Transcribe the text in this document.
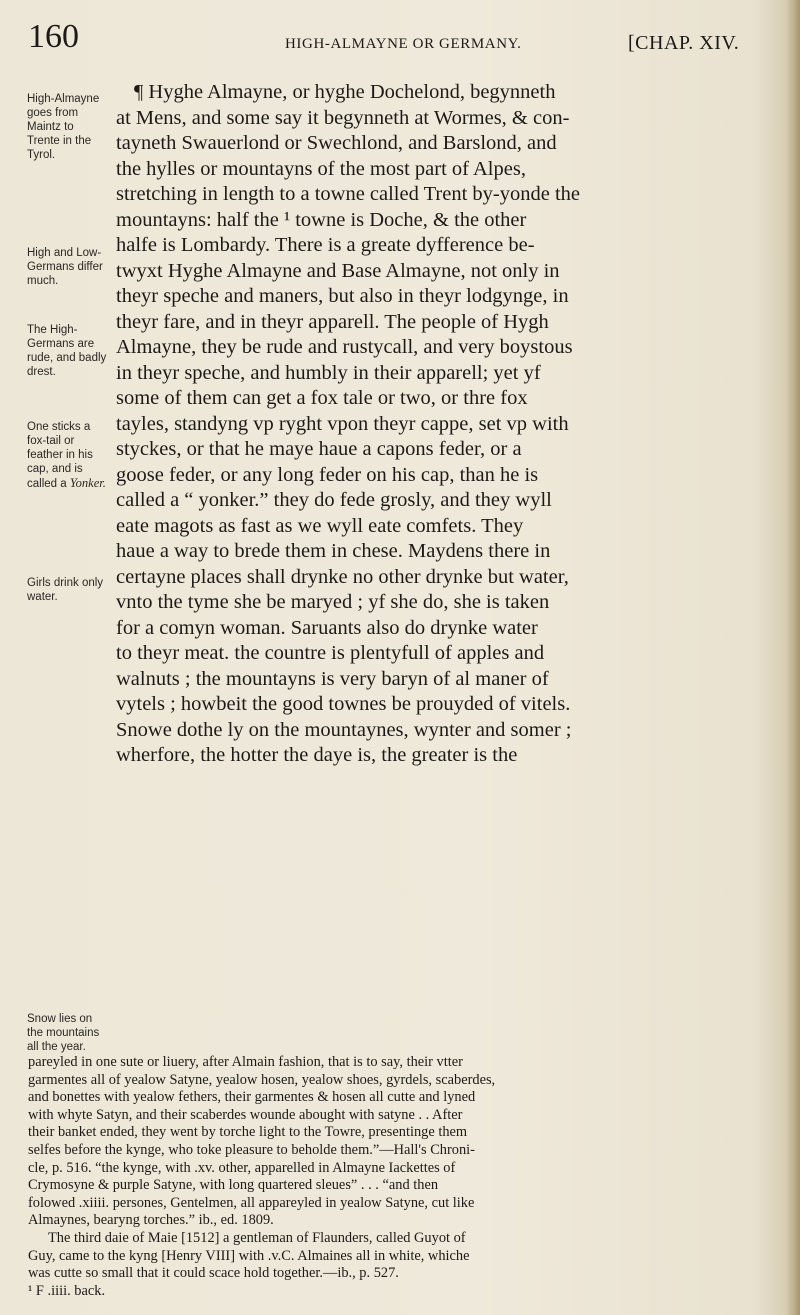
160	HIGH-ALMAYNE OR GERMANY.	[CHAP. XIV.
High-Almayne goes from Maintz to Trente in the Tyrol.
High and Low-Germans differ much.
The High-Germans are rude, and badly drest.
One sticks a fox-tail or feather in his cap, and is called a Yonker.
Girls drink only water.
Snow lies on the mountains all the year.
¶ Hyghe Almayne, or hyghe Dochelond, begynneth
at Mens, and some say it begynneth at Wormes, & con-
tayneth Swauerlond or Swechlond, and Barslond, and
the hylles or mountayns of the most part of Alpes,
stretching in length to a towne called Trent by-yonde the
mountayns: half the ¹ towne is Doche, & the other
halfe is Lombardy. There is a greate dyfference be-
twyxt Hyghe Almayne and Base Almayne, not only in
theyr speche and maners, but also in theyr lodgynge, in
theyr fare, and in theyr apparell. The people of Hygh
Almayne, they be rude and rustycall, and very boystous
in theyr speche, and humbly in their apparell; yet yf
some of them can get a fox tale or two, or thre fox
tayles, standyng vp ryght vpon theyr cappe, set vp with
styckes, or that he maye haue a capons feder, or a
goose feder, or any long feder on his cap, than he is
called a “ yonker.” they do fede grosly, and they wyll
eate magots as fast as we wyll eate comfets. They
haue a way to brede them in chese. Maydens there in
certayne places shall drynke no other drynke but water,
vnto the tyme she be maryed ; yf she do, she is taken
for a comyn woman. Saruants also do drynke water
to theyr meat. the countre is plentyfull of apples and
walnuts ; the mountayns is very baryn of al maner of
vytels ; howbeit the good townes be prouyded of vitels.
Snowe dothe ly on the mountaynes, wynter and somer ;
wherfore, the hotter the daye is, the greater is the
pareyled in one sute or liuery, after Almain fashion, that is to say, their vtter
garmentes all of yealow Satyne, yealow hosen, yealow shoes, gyrdels, scaberdes,
and bonettes with yealow fethers, their garmentes & hosen all cutte and lyned
with whyte Satyn, and their scaberdes wounde abought with satyne . . After
their banket ended, they went by torche light to the Towre, presentinge them
selfes before the kynge, who toke pleasure to beholde them.”—Hall's Chroni-
cle, p. 516. “the kynge, with .xv. other, apparelled in Almayne Iackettes of
Crymosyne & purple Satyne, with long quartered sleues” . . . “and then
folowed .xiiii. persones, Gentelmen, all appareyled in yealow Satyne, cut like
Almaynes, bearyng torches.” ib., ed. 1809.
The third daie of Maie [1512] a gentleman of Flaunders, called Guyot of
Guy, came to the kyng [Henry VIII] with .v.C. Almaines all in white, whiche
was cutte so small that it could scace hold together.—ib., p. 527.
¹ F .iiii. back.
